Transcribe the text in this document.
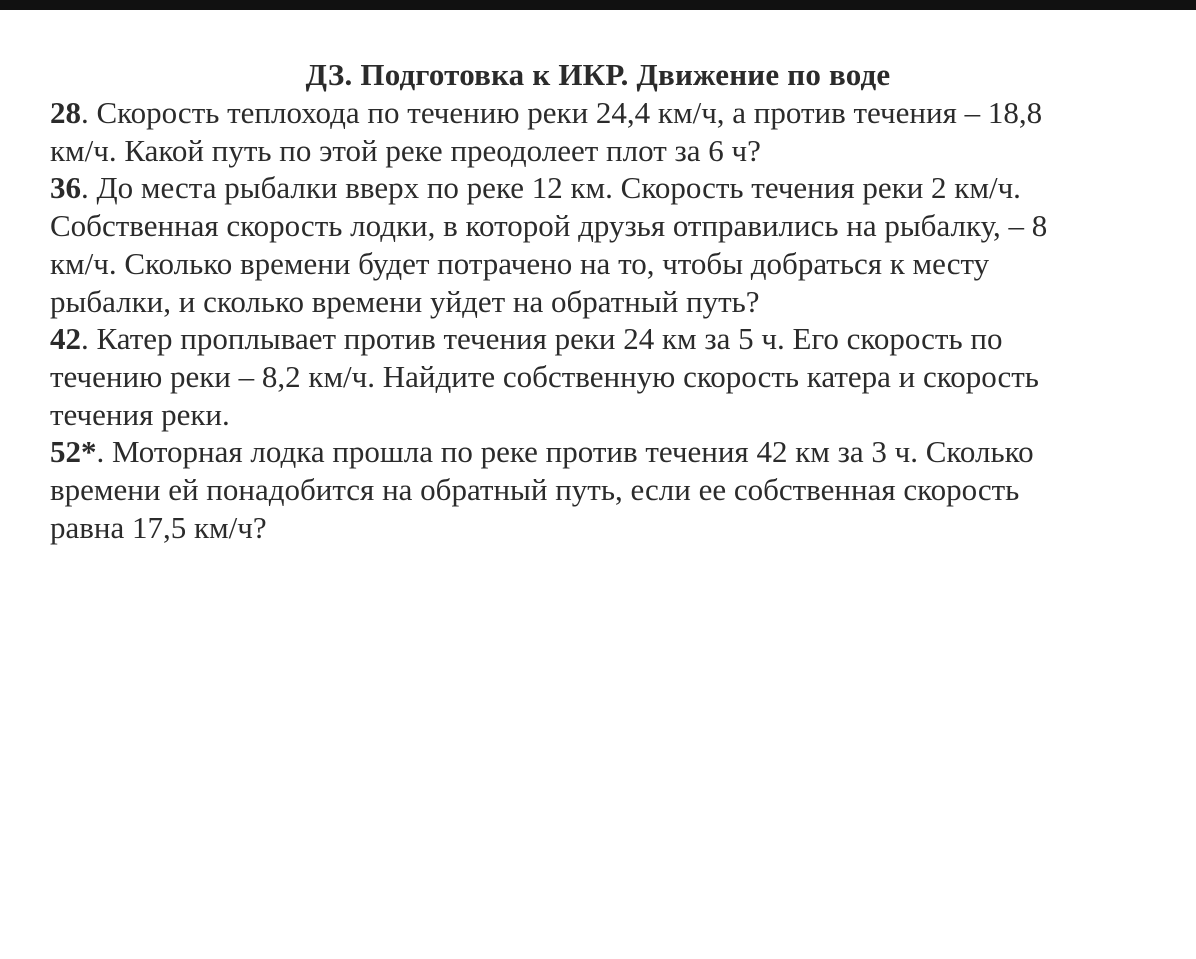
ДЗ. Подготовка к ИКР. Движение по воде
28. Скорость теплохода по течению реки 24,4 км/ч, а против течения – 18,8
км/ч. Какой путь по этой реке преодолеет плот за 6 ч?
36. До места рыбалки вверх по реке 12 км. Скорость течения реки 2 км/ч.
Собственная скорость лодки, в которой друзья отправились на рыбалку, – 8
км/ч. Сколько времени будет потрачено на то, чтобы добраться к месту
рыбалки, и сколько времени уйдет на обратный путь?
42. Катер проплывает против течения реки 24 км за 5 ч. Его скорость по
течению реки – 8,2 км/ч. Найдите собственную скорость катера и скорость
течения реки.
52*. Моторная лодка прошла по реке против течения 42 км за 3 ч. Сколько
времени ей понадобится на обратный путь, если ее собственная скорость
равна 17,5 км/ч?
